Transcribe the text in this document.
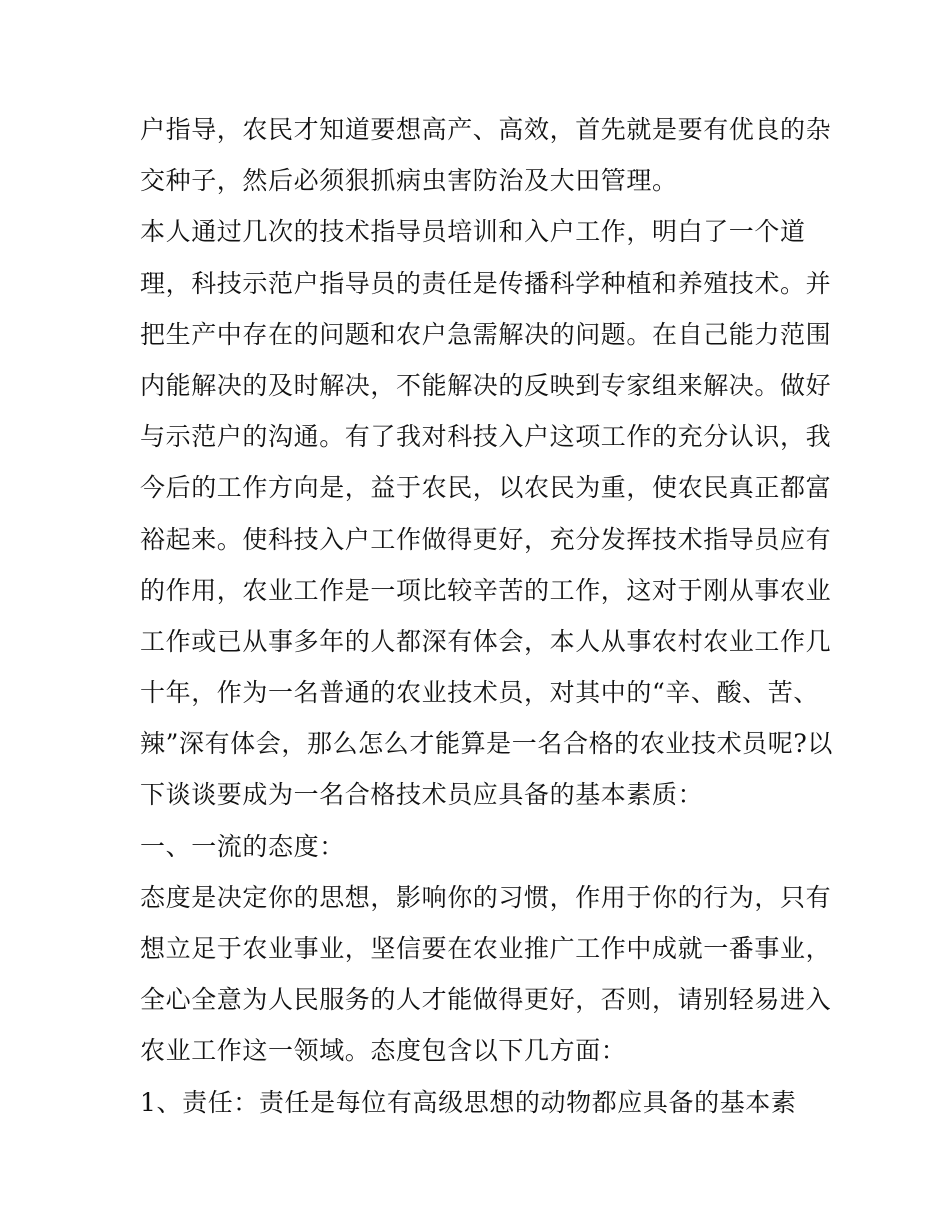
户指导，农民才知道要想高产、高效，首先就是要有优良的杂
交种子，然后必须狠抓病虫害防治及大田管理。
本人通过几次的技术指导员培训和入户工作，明白了一个道
理，科技示范户指导员的责任是传播科学种植和养殖技术。并
把生产中存在的问题和农户急需解决的问题。在自己能力范围
内能解决的及时解决，不能解决的反映到专家组来解决。做好
与示范户的沟通。有了我对科技入户这项工作的充分认识，我
今后的工作方向是，益于农民，以农民为重，使农民真正都富
裕起来。使科技入户工作做得更好，充分发挥技术指导员应有
的作用，农业工作是一项比较辛苦的工作，这对于刚从事农业
工作或已从事多年的人都深有体会，本人从事农村农业工作几
十年，作为一名普通的农业技术员，对其中的“辛、酸、苦、
辣”深有体会，那么怎么才能算是一名合格的农业技术员呢?以
下谈谈要成为一名合格技术员应具备的基本素质：
一、一流的态度：
态度是决定你的思想，影响你的习惯，作用于你的行为，只有
想立足于农业事业，坚信要在农业推广工作中成就一番事业，
全心全意为人民服务的人才能做得更好，否则，请别轻易进入
农业工作这一领域。态度包含以下几方面：
1、责任：责任是每位有高级思想的动物都应具备的基本素
